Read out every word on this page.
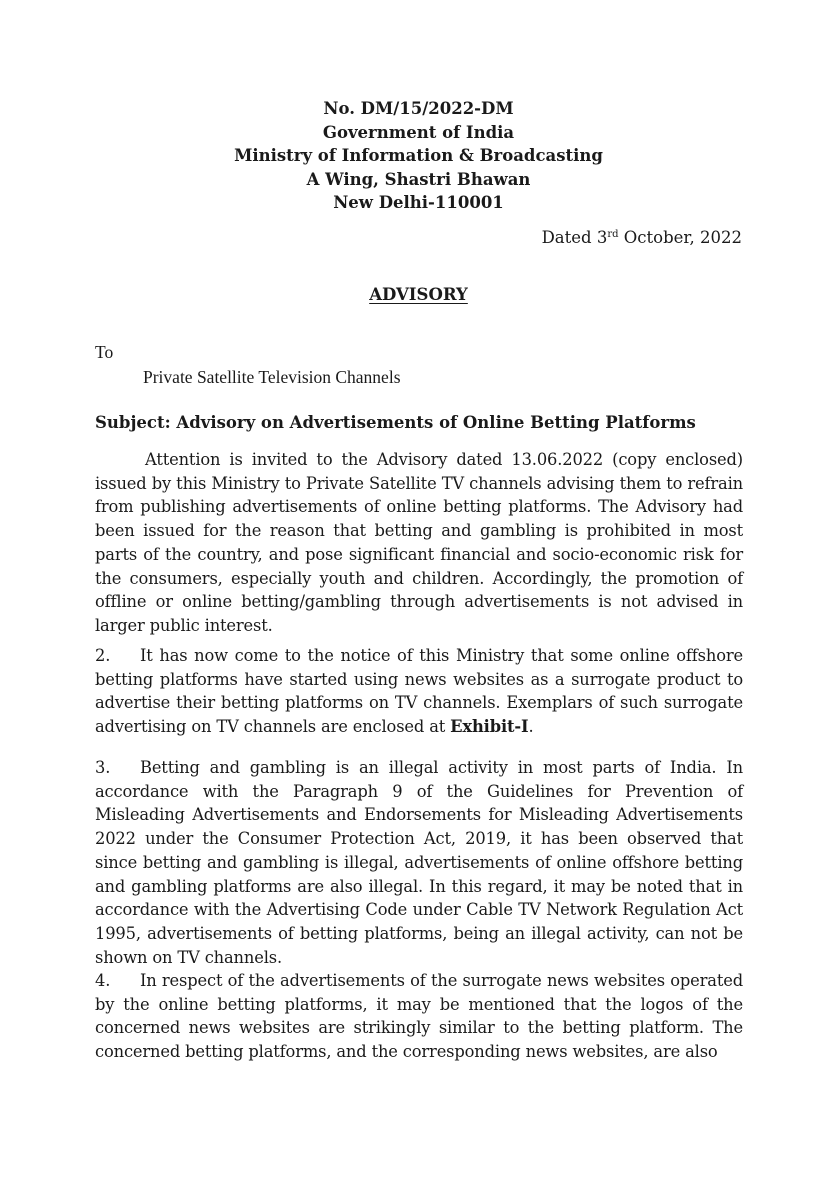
No. DM/15/2022-DM
Government of India
Ministry of Information & Broadcasting
A Wing, Shastri Bhawan
New Delhi-110001
Dated 3rd October, 2022
ADVISORY
To
Private Satellite Television Channels
Subject: Advisory on Advertisements of Online Betting Platforms
Attention is invited to the Advisory dated 13.06.2022 (copy enclosed) issued by this Ministry to Private Satellite TV channels advising them to refrain from publishing advertisements of online betting platforms. The Advisory had been issued for the reason that betting and gambling is prohibited in most parts of the country, and pose significant financial and socio-economic risk for the consumers, especially youth and children. Accordingly, the promotion of offline or online betting/gambling through advertisements is not advised in larger public interest.
2. It has now come to the notice of this Ministry that some online offshore betting platforms have started using news websites as a surrogate product to advertise their betting platforms on TV channels. Exemplars of such surrogate advertising on TV channels are enclosed at Exhibit-I.
3. Betting and gambling is an illegal activity in most parts of India. In accordance with the Paragraph 9 of the Guidelines for Prevention of Misleading Advertisements and Endorsements for Misleading Advertisements 2022 under the Consumer Protection Act, 2019, it has been observed that since betting and gambling is illegal, advertisements of online offshore betting and gambling platforms are also illegal. In this regard, it may be noted that in accordance with the Advertising Code under Cable TV Network Regulation Act 1995, advertisements of betting platforms, being an illegal activity, can not be shown on TV channels.
4. In respect of the advertisements of the surrogate news websites operated by the online betting platforms, it may be mentioned that the logos of the concerned news websites are strikingly similar to the betting platform. The concerned betting platforms, and the corresponding news websites, are also
